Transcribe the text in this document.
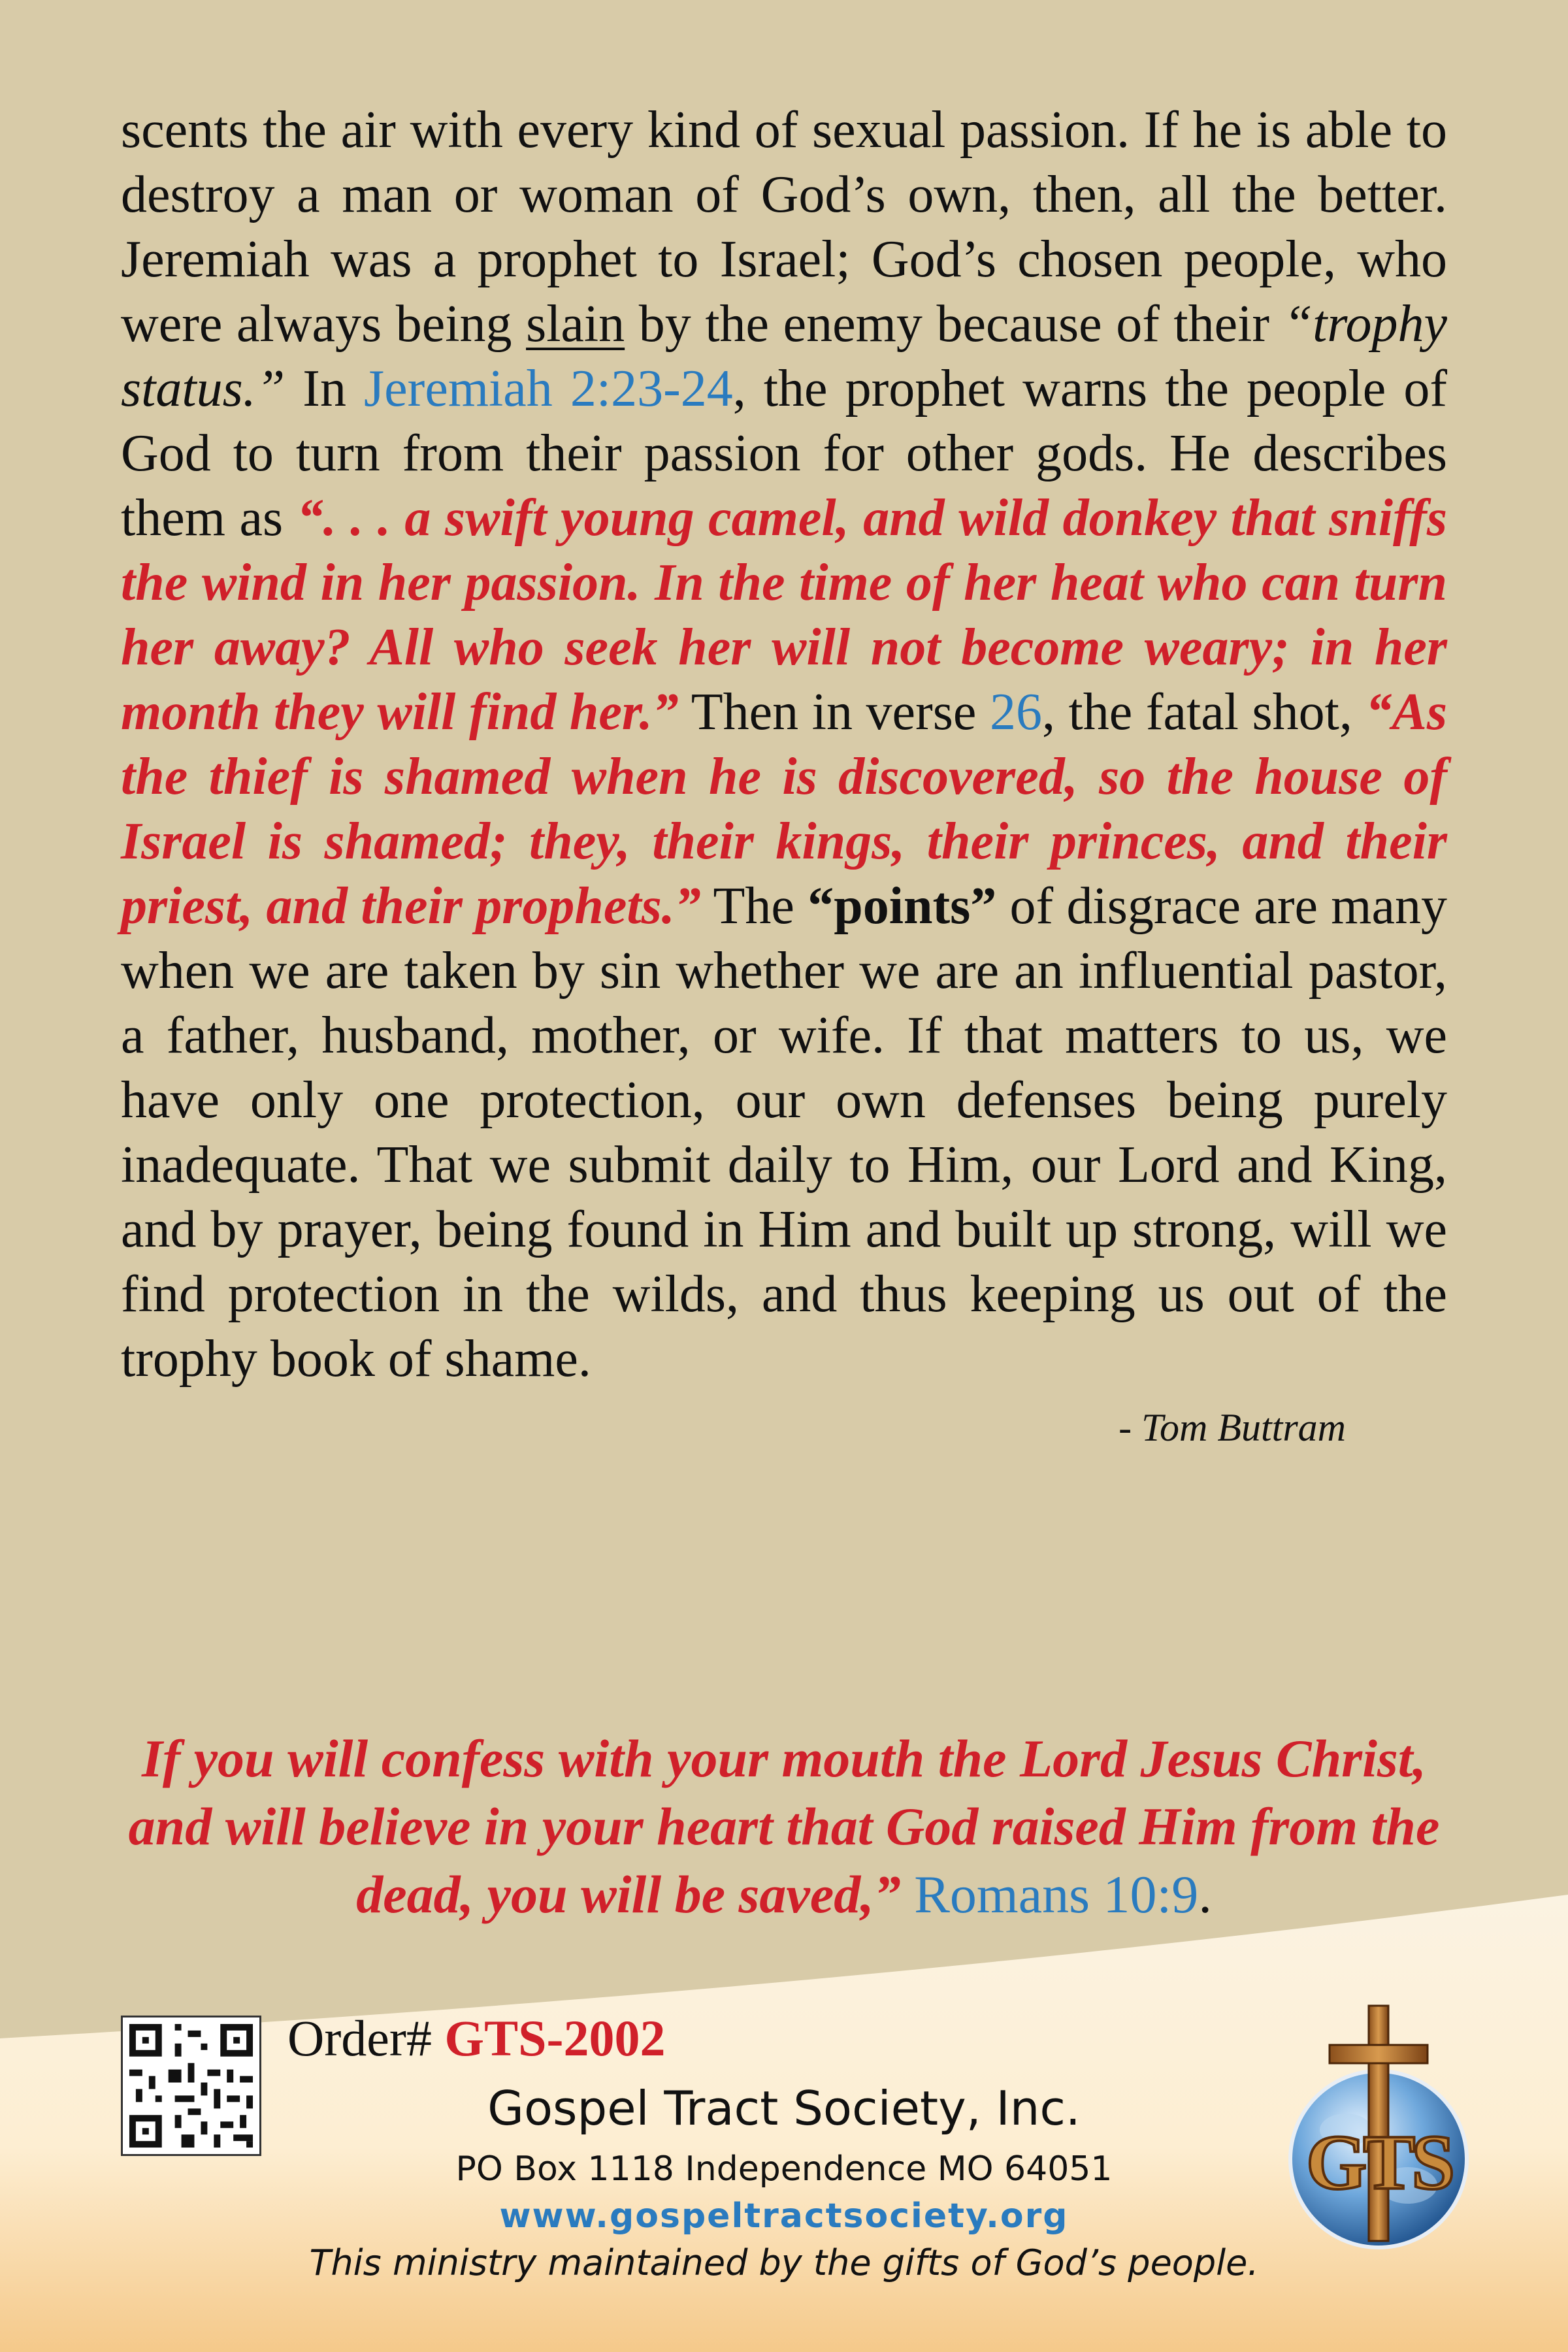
scents the air with every kind of sexual passion. If he is able to destroy a man or woman of God’s own, then, all the better. Jeremiah was a prophet to Israel; God’s chosen people, who were always being slain by the enemy because of their “trophy status.” In Jeremiah 2:23-24, the prophet warns the people of God to turn from their passion for other gods. He describes them as “. . . a swift young camel, and wild donkey that sniffs the wind in her passion. In the time of her heat who can turn her away? All who seek her will not become weary; in her month they will find her.” Then in verse 26, the fatal shot, “As the thief is shamed when he is discovered, so the house of Israel is shamed; they, their kings, their princes, and their priest, and their prophets.” The “points” of disgrace are many when we are taken by sin whether we are an influential pastor, a father, husband, mother, or wife. If that matters to us, we have only one protection, our own defenses being purely inadequate. That we submit daily to Him, our Lord and King, and by prayer, being found in Him and built up strong, will we find protection in the wilds, and thus keeping us out of the trophy book of shame.
- Tom Buttram
If you will confess with your mouth the Lord Jesus Christ, and will believe in your heart that God raised Him from the dead, you will be saved,” Romans 10:9.
Order# GTS-2002
Gospel Tract Society, Inc.
PO Box 1118 Independence MO 64051
www.gospeltractsociety.org
This ministry maintained by the gifts of God’s people.
GTS
